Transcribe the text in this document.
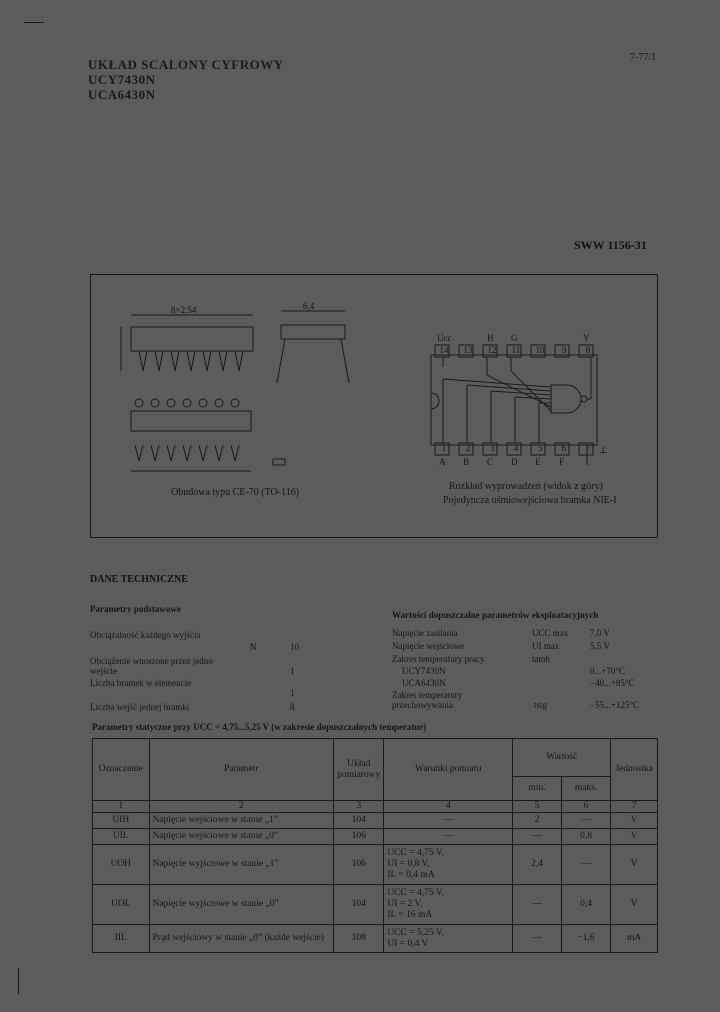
UKŁAD SCALONY CYFROWY
UCY7430N
UCA6430N
7-77/1
SWW 1156-31
8×2,54	6,4
14 13 12 11 10	9	8
Ucc	H G	Y
1	2	3	4	5	6	7
A B C D E F
⊥
Obudowa typu CE-70 (TO-116)
Rozkład wyprowadzeń (widok z góry)
Pojedyncza ośmiowejściowa bramka NIE-I
DANE TECHNICZNE
Parametry podstawowe
Obciążalność każdego wyjścia
N	10
Obciążenie wnoszone przez jedno wejście	1
Liczba bramek w elemencie
1
Liczba wejść jednej bramki	8
Wartości dopuszczalne parametrów eksploatacyjnych
Napięcie zasilania	UCC max 7,0 V
Napięcie wejściowe	UI max	5,5 V
Zakres temperatury pracy	tamb
UCY7430N	0...+70°C
UCA6430N	−40...+85°C
Zakres temperatury przechowywania	tstg	−55...+125°C
Parametry statyczne przy UCC = 4,75...5,25 V (w zakresie dopuszczalnych temperatur)
Oznaczenie	Parametr	Układ pomiarowy	Warunki pomiaru	Wartość		Jednostka
				min.	maks.	
1	2	3	4	5	6	7
UIH	Napięcie wejściowe w stanie „1”	104	—	2	—	V
UIL	Napięcie wejściowe w stanie „0”	106	—	—	0,8	V
UOH	Napięcie wyjściowe w stanie „1”	106	UCC = 4,75 V,
UI = 0,8 V,
IL = 0,4 mA	2,4	—	V
UOL	Napięcie wyjściowe w stanie „0”	104	UCC = 4,75 V,
UI = 2 V,
IL = 16 mA	—	0,4	V
IIL	Prąd wejściowy w stanie „0” (każde wejście)	108	UCC = 5,25 V,
UI = 0,4 V	—	−1,6	mA
